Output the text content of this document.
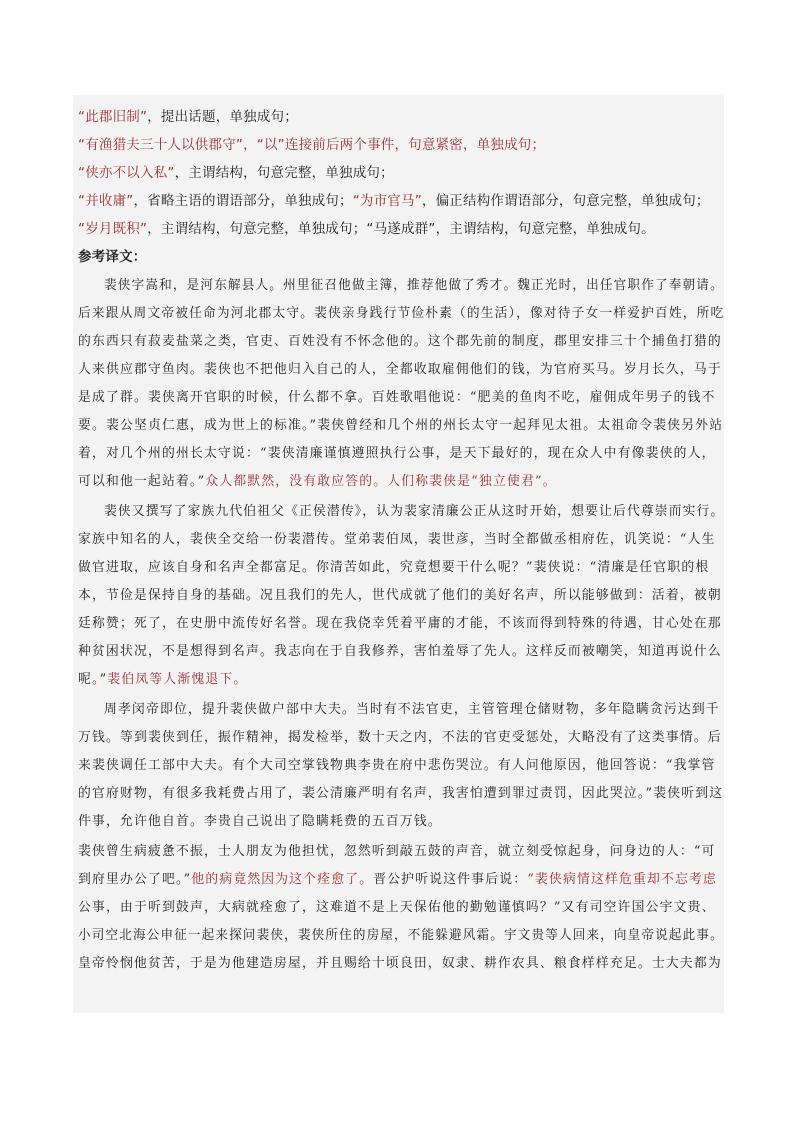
“此郡旧制”，提出话题，单独成句；
“有渔猎夫三十人以供郡守”，“以”连接前后两个事件，句意紧密，单独成句；
“侠亦不以入私”，主谓结构，句意完整，单独成句；
“并收庸”，省略主语的谓语部分，单独成句；“为市官马”，偏正结构作谓语部分，句意完整，单独成句；
“岁月既积”，主谓结构，句意完整，单独成句；“马遂成群”，主谓结构，句意完整，单独成句。
参考译文：
裴侠字嵩和，是河东解县人。州里征召他做主簿，推荐他做了秀才。魏正光时，出任官职作了奉朝请。
后来跟从周文帝被任命为河北郡太守。裴侠亲身践行节俭朴素（的生活），像对待子女一样爱护百姓，所吃
的东西只有菽麦盐菜之类，官吏、百姓没有不怀念他的。这个郡先前的制度，郡里安排三十个捕鱼打猎的
人来供应郡守鱼肉。裴侠也不把他归入自己的人，全都收取雇佣他们的钱，为官府买马。岁月长久，马于
是成了群。裴侠离开官职的时候，什么都不拿。百姓歌唱他说：“肥美的鱼肉不吃，雇佣成年男子的钱不
要。裴公坚贞仁惠，成为世上的标准。”裴侠曾经和几个州的州长太守一起拜见太祖。太祖命令裴侠另外站
着，对几个州的州长太守说：“裴侠清廉谨慎遵照执行公事，是天下最好的，现在众人中有像裴侠的人，
可以和他一起站着。”众人都默然，没有敢应答的。人们称裴侠是“独立使君”。
裴侠又撰写了家族九代伯祖父《正侯潜传》，认为裴家清廉公正从这时开始，想要让后代尊崇而实行。
家族中知名的人，裴侠全交给一份裴潜传。堂弟裴伯凤，裴世彦，当时全都做丞相府佐，讥笑说：“人生
做官进取，应该自身和名声全都富足。你清苦如此，究竟想要干什么呢？”裴侠说：“清廉是任官职的根
本，节俭是保持自身的基础。况且我们的先人，世代成就了他们的美好名声，所以能够做到：活着，被朝
廷称赞；死了，在史册中流传好名誉。现在我侥幸凭着平庸的才能，不该而得到特殊的待遇，甘心处在那
种贫困状况，不是想得到名声。我志向在于自我修养，害怕羞辱了先人。这样反而被嘲笑，知道再说什么
呢。”裴伯凤等人渐愧退下。
周孝闵帝即位，提升裴侠做户部中大夫。当时有不法官吏，主管管理仓储财物，多年隐瞒贪污达到千
万钱。等到裴侠到任，振作精神，揭发检举，数十天之内，不法的官吏受惩处，大略没有了这类事情。后
来裴侠调任工部中大夫。有个大司空掌钱物典李贵在府中悲伤哭泣。有人问他原因，他回答说：“我掌管
的官府财物，有很多我耗费占用了，裴公清廉严明有名声，我害怕遭到罪过责罚，因此哭泣。”裴侠听到这
件事，允许他自首。李贵自己说出了隐瞒耗费的五百万钱。
裴侠曾生病疲惫不振，士人朋友为他担忧，忽然听到敲五鼓的声音，就立刻受惊起身，问身边的人：“可
到府里办公了吧。”他的病竟然因为这个痊愈了。晋公护听说这件事后说：“裴侠病情这样危重却不忘考虑
公事，由于听到鼓声，大病就痊愈了，这难道不是上天保佑他的勤勉谨慎吗？”又有司空许国公宇文贵、
小司空北海公申征一起来探问裴侠，裴侠所住的房屋，不能躲避风霜。宇文贵等人回来，向皇帝说起此事。
皇帝怜悯他贫苦，于是为他建造房屋，并且赐给十顷良田，奴隶、耕作农具、粮食样样充足。士大夫都为
